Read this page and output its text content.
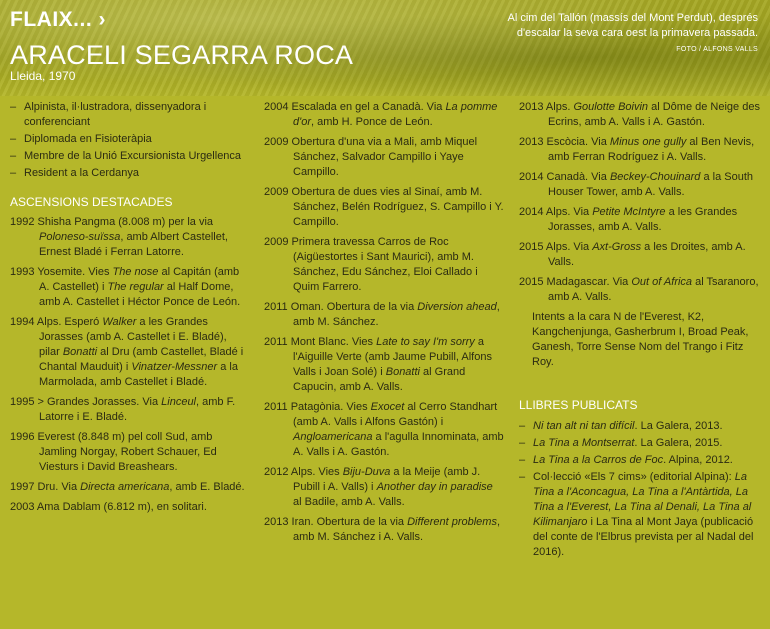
FLAIX... ›
ARACELI SEGARRA ROCA
Lleida, 1970
Al cim del Tallón (massís del Mont Perdut), després d'escalar la seva cara oest la primavera passada. FOTO / ALFONS VALLS
– Alpinista, il·lustradora, dissenyadora i conferenciant
– Diplomada en Fisioteràpia
– Membre de la Unió Excursionista Urgellenca
– Resident a la Cerdanya
ASCENSIONS DESTACADES
1992 Shisha Pangma (8.008 m) per la via Poloneso-suïssa, amb Albert Castellet, Ernest Bladé i Ferran Latorre.
1993 Yosemite. Vies The nose al Capitán (amb A. Castellet) i The regular al Half Dome, amb A. Castellet i Héctor Ponce de León.
1994 Alps. Esperó Walker a les Grandes Jorasses (amb A. Castellet i E. Bladé), pilar Bonatti al Dru (amb Castellet, Bladé i Chantal Mauduit) i Vinatzer-Messner a la Marmolada, amb Castellet i Bladé.
1995 > Grandes Jorasses. Via Linceul, amb F. Latorre i E. Bladé.
1996 Everest (8.848 m) pel coll Sud, amb Jamling Norgay, Robert Schauer, Ed Viesturs i David Breashears.
1997 Dru. Via Directa americana, amb E. Bladé.
2003 Ama Dablam (6.812 m), en solitari.
2004 Escalada en gel a Canadà. Via La pomme d'or, amb H. Ponce de León.
2009 Obertura d'una via a Mali, amb Miquel Sánchez, Salvador Campillo i Yaye Campillo.
2009 Obertura de dues vies al Sinaí, amb M. Sánchez, Belén Rodríguez, S. Campillo i Y. Campillo.
2009 Primera travessa Carros de Roc (Aigüestortes i Sant Maurici), amb M. Sánchez, Edu Sánchez, Eloi Callado i Quim Farrero.
2011 Oman. Obertura de la via Diversion ahead, amb M. Sánchez.
2011 Mont Blanc. Vies Late to say I'm sorry a l'Aiguille Verte (amb Jaume Pubill, Alfons Valls i Joan Solé) i Bonatti al Grand Capucin, amb A. Valls.
2011 Patagònia. Vies Exocet al Cerro Standhart (amb A. Valls i Alfons Gastón) i Angloamericana a l'agulla Innominata, amb A. Valls i A. Gastón.
2012 Alps. Vies Biju-Duva a la Meije (amb J. Pubill i A. Valls) i Another day in paradise al Badile, amb A. Valls.
2013 Iran. Obertura de la via Different problems, amb M. Sánchez i A. Valls.
2013 Alps. Goulotte Boivin al Dôme de Neige des Ecrins, amb A. Valls i A. Gastón.
2013 Escòcia. Via Minus one gully al Ben Nevis, amb Ferran Rodríguez i A. Valls.
2014 Canadà. Via Beckey-Chouinard a la South Houser Tower, amb A. Valls.
2014 Alps. Via Petite McIntyre a les Grandes Jorasses, amb A. Valls.
2015 Alps. Via Axt-Gross a les Droites, amb A. Valls.
2015 Madagascar. Via Out of Africa al Tsaranoro, amb A. Valls.
Intents a la cara N de l'Everest, K2, Kangchenjunga, Gasherbrum I, Broad Peak, Ganesh, Torre Sense Nom del Trango i Fitz Roy.
LLIBRES PUBLICATS
– Ni tan alt ni tan difícil. La Galera, 2013.
– La Tina a Montserrat. La Galera, 2015.
– La Tina a la Carros de Foc. Alpina, 2012.
– Col·lecció «Els 7 cims» (editorial Alpina): La Tina a l'Aconcagua, La Tina a l'Antàrtida, La Tina a l'Everest, La Tina al Denali, La Tina al Kilimanjaro i La Tina al Mont Jaya (publicació del conte de l'Elbrus prevista per al Nadal del 2016).
